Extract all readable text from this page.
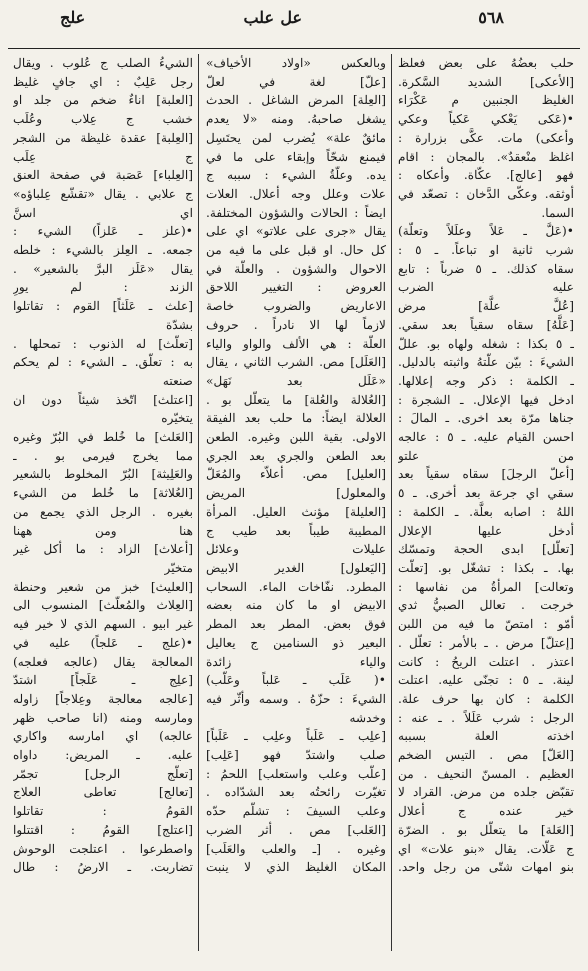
٥٦٨
عل
علب
علج

حلب بعضُهُ على بعض فعلظ

[الأعكى] الشديد السَّكرة.

الغليظ الجنبين م عَكْرَاء

•(عَكى يَعْكي عَكياً وعكي

وأعكى) مات. عكَّى بزرارة :

اغلظ منْعقدٌ». بالمجان : اقام

فهو [عالج]. عكّاة. وأعكاه :

أوثقه. وعكّى الدَّخان : تصعّد في

السما.

•(عَلَّ ـ عَلاً وعلَلاً وتعلّة)

شرب ثانية او تباعاً. ـ ٥ :

سقاه كذلك. ـ ٥ ضرباً : تابع

عليه الضرب

[عُلَّ علَّة] مرض

[عَلَّهُ] سقاه سقياً بعد سقي.

ـ ٥ بكذا : شغله ولهاه بو. عللّ

الشيءَ : بيّن علّتهُ واثبته بالدليل.

ـ الكلمة : ذكر وجه إعلالها.

ادخل فيها الإعلال. ـ الشجرة :

جناها مرّة بعد اخرى. ـ المالَ :

احسن القيام عليه. ـ ٥ : عالجه

من علتو

[أعلّ الرجلَ] سقاه سقياً بعد

سقي اي جرعة بعد أخرى. ـ ٥

اللهُ : اصابه بعلَّة. ـ الكلمة :

أدخل عليها الإعلال

[تعلّل] ابدى الحجة وتمسّك

بها. ـ بكذا : تشغّل بو. [تعلّت

وتعالت] المرأةُ من نفاسها :

خرجت . تعالل الصبيُّ ثدي

أمّو : امتصّ ما فيه من اللبن

[إعتلّ] مرض . ـ بالأمر : تعلّل .

اعتذر . اعتلت الريحُ : كانت

لينة. ـ ٥ : تجنّى عليه. اعتلت

الكلمة : كان بها حرف علة.

الرجل : شرب عَلَلاً . ـ عنه :

اخذته العلة بسببه

[العَلّ] مص . التيس الضخم

العظيم . المسنّ النحيف . من

تقبّض جلده من مرض. القراد لا

خير عنده ج أعلال

[العَلة] ما يتعلّل بو . الضرّة

ج عَلّات. يقال «بنو علات» اي

بنو امهات شتّى من رجل واحد.

وبالعكس «اولاد الأخياف»

[علّ] لغة في لعلّ

[العِلة] المرض الشاغل . الحدث

يشغل صاحبهُ. ومنه «لا يعدم

مائقٌ علة» يُضرب لمن يحتَسِل

فيمنع شحّاً وإبقاء على ما في

يده. وعلّةُ الشيء : سببه ج

علات وعلل وجه أعلال. العلات

ايضاً : الحالات والشؤون المختلفة.

يقال «جرى على علاتو» اي على

كل حال. او قبل على ما فيه من

الاحوال والشؤون . والعلّة في

العروض : التغيير اللاحق

الاعاريض والضروب خاصة

لازماً لها الا نادراً . حروف

العلّة : هي الألف والواو والياء

[العَلَل] مص. الشرب الثاني ، يقال

«عَلَل بعد نَهَل»

[العُلالة والعُلة] ما يتعلّل بو .

العلالة ايضاً: ما حلب بعد الفيقة

الاولى. بقية اللبن وغيره. الطعن

بعد الطعن والجري بعد الجري

[العليل] مص. أعلاّء والمُعَلّ

والمعلول] المريض

[العليلة] مؤنث العليل. المرأة

المطيبة طيباً بعد طيب ج

عليلات وعلائل

[اليَعلول] الغدير الابيض

المطرد. نفّاخات الماء. السحاب

الابيض او ما كان منه بعضه

فوق بعض. المطر بعد المطر

البعير ذو السنامين ج يعاليل

والياء زائدة

•( عَلَب ـ عَلباً وعَلّب)

الشيءَ : حزّهُ . وسمه وأثّر فيه

وخدشه

[علِب ـ عَلَباً وعلِب ـ عَلَباً]

صلب واشتدّ فهو [عَلِب]

[علّب وعلب واستعلب] اللحمُ :

تغيّرت رائحتُه بعد الشدّاده .

وعلب السيفَ : تشلّم حدّه

[العَلب] مص . أثر الضرب

وغيره . [ـ والعلب والعَلَب]

المكان الغليظ الذي لا ينبت

الشيءُ الصلب ج عُلوب . ويقال

رجل عَلِبٌ : اي جافٍ غليظ

[العلبة] اناءٌ ضخم من جلد او

خشب ج عِلاب وعُلَب

[العِلبة] عقدة غليظة من الشجر

ج عِلَب

[العِلباء] عَصَبة في صفحة العنق

ج علابي . يقال «تقشّع عِلباؤه»

اي اسنَّ

•(علز ـ عَلزاً) الشيء :

جمعه. ـ العِلز بالشيء : خلطه

يقال «عَلَز البرَّ بالشعير» .

الزند : لم يورِ

[علث ـ عَلَثاً] القوم : تقاتلوا

بشدّة

[تعلّث] له الذنوب : تمحلها .

به : تعلّق. ـ الشيء : لم يحكم

صنعته

[اعتلث] اتّخذ شيئاً دون ان

يتخيّره

[العَلث] ما خُلط في البُرّ وغيره

مما يخرج فيرمى بو . ـ

والعَلِيثة] البُرّ المخلوط بالشعير

[العُلاثة] ما خُلط من الشيء

بغيره . الرجل الذي يجمع من

هنا ومن ههنا

[أعلاث] الزاد : ما أكل غير

متخيّر

[العليث] خبز من شعير وحنطة

[العِلاث والمُعلّث] المنسوب الى

غير ابيو . السهم الذي لا خير فيه

•(علج ـ عَلجاً) عليه في

المعالجة يقال (عالجه فعلجه)

[علِج ـ عَلَجاً] اشتدّ

[عالجه معالجة وعِلاجاً] زاوله

ومارسه ومنه (انا صاحب ظهر

عالجه) اي امارسه واكاري

عليه. ـ المريض: داواه

[تعلّج الرجل] تجمّر

[تعالج] تعاطى العلاج

القومُ : تقاتلوا

[اعتلج] القومُ : اقتتلوا

واصطرعوا . اعتلجت الوحوش

تضاربت. ـ الارضُ : طال
